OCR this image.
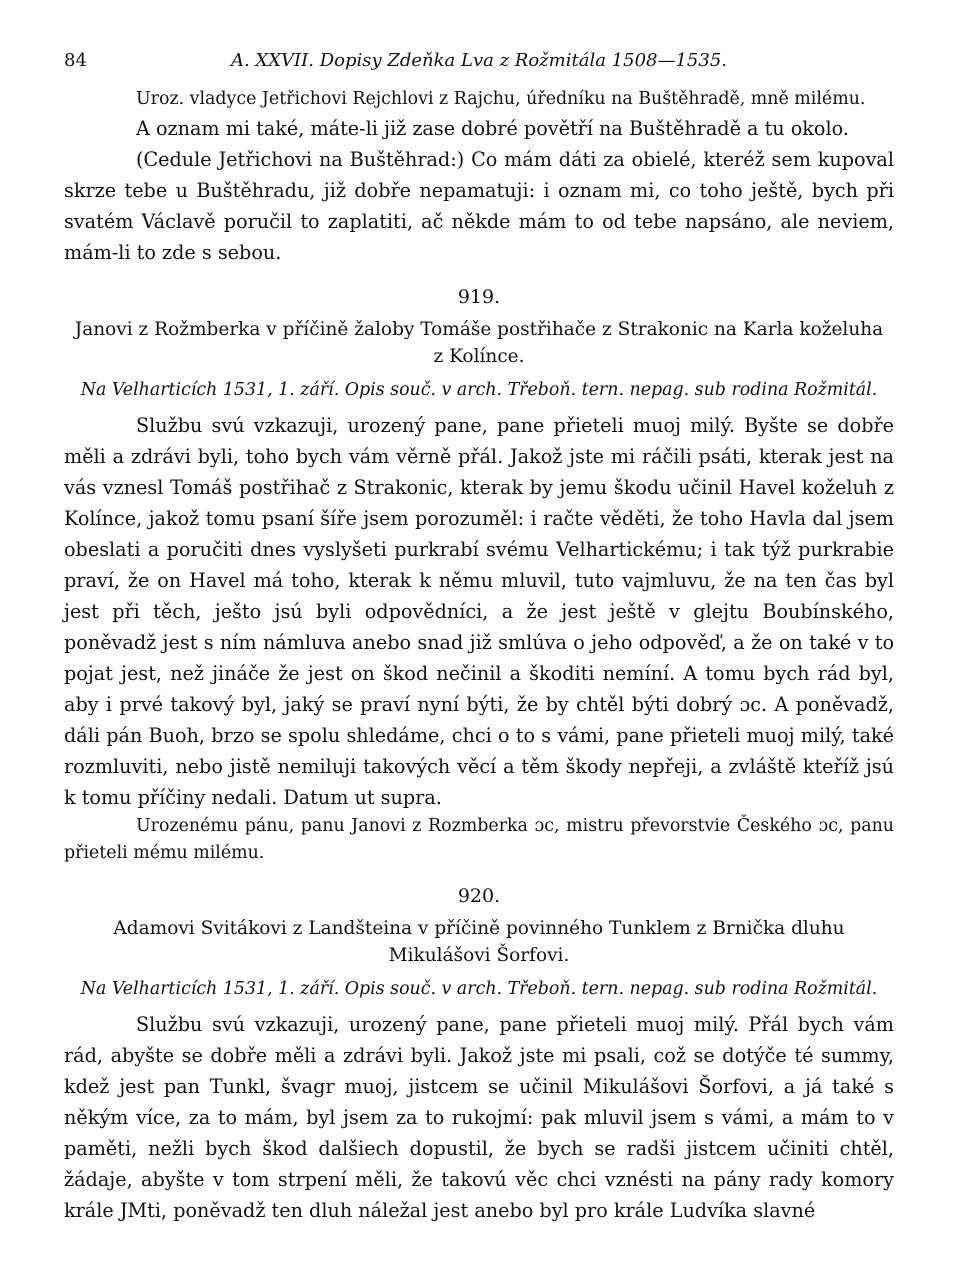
84	A. XXVII. Dopisy Zdeňka Lva z Rožmitála 1508—1535.

Uroz. vladyce Jetřichovi Rejchlovi z Rajchu, úředníku na Buštěhradě, mně milému.

A oznam mi také, máte-li již zase dobré povětří na Buštěhradě a tu okolo.

(Cedule Jetřichovi na Buštěhrad:) Co mám dáti za obielé, kteréž sem kupoval skrze tebe u Buštěhradu, již dobře nepamatuji: i oznam mi, co toho ještě, bych při svatém Václavě poručil to zaplatiti, ač někde mám to od tebe napsáno, ale neviem, mám-li to zde s sebou.

919.
Janovi z Rožmberka v příčině žaloby Tomáše postřihače z Strakonic na Karla koželuha z Kolínce.
Na Velharticích 1531, 1. září. Opis souč. v arch. Třeboň. tern. nepag. sub rodina Rožmitál.

Službu svú vzkazuji, urozený pane, pane přieteli muoj milý. Byšte se dobře měli a zdrávi byli, toho bych vám věrně přál. Jakož jste mi ráčili psáti, kterak jest na vás vznesl Tomáš postřihač z Strakonic, kterak by jemu škodu učinil Havel koželuh z Kolínce, jakož tomu psaní šíře jsem porozuměl: i račte věděti, že toho Havla dal jsem obeslati a poručiti dnes vyslyšeti purkrabí svému Velhartickému; i tak týž purkrabie praví, že on Havel má toho, kterak k němu mluvil, tuto vajmluvu, že na ten čas byl jest při těch, ješto jsú byli odpovědníci, a že jest ještě v glejtu Boubínského, poněvadž jest s ním námluva anebo snad již smlúva o jeho odpověď, a že on také v to pojat jest, než jináče že jest on škod nečinil a škoditi nemíní. A tomu bych rád byl, aby i prvé takový byl, jaký se praví nyní býti, že by chtěl býti dobrý ɔc. A poněvadž, dáli pán Buoh, brzo se spolu shledáme, chci o to s vámi, pane přieteli muoj milý, také rozmluviti, nebo jistě nemiluji takových věcí a těm škody nepřeji, a zvláště kteříž jsú k tomu příčiny nedali. Datum ut supra.

Urozenému pánu, panu Janovi z Rozmberka ɔc, mistru převorstvie Českého ɔc, panu přieteli mému milému.

920.
Adamovi Svitákovi z Landšteina v příčině povinného Tunklem z Brnička dluhu Mikulášovi Šorfovi.
Na Velharticích 1531, 1. září. Opis souč. v arch. Třeboň. tern. nepag. sub rodina Rožmitál.

Službu svú vzkazuji, urozený pane, pane přieteli muoj milý. Přál bych vám rád, abyšte se dobře měli a zdrávi byli. Jakož jste mi psali, což se dotýče té summy, kdež jest pan Tunkl, švagr muoj, jistcem se učinil Mikulášovi Šorfovi, a já také s někým více, za to mám, byl jsem za to rukojmí: pak mluvil jsem s vámi, a mám to v paměti, nežli bych škod dalšiech dopustil, že bych se radši jistcem učiniti chtěl, žádaje, abyšte v tom strpení měli, že takovú věc chci vznésti na pány rady komory krále JMti, poněvadž ten dluh náležal jest anebo byl pro krále Ludvíka slavné
